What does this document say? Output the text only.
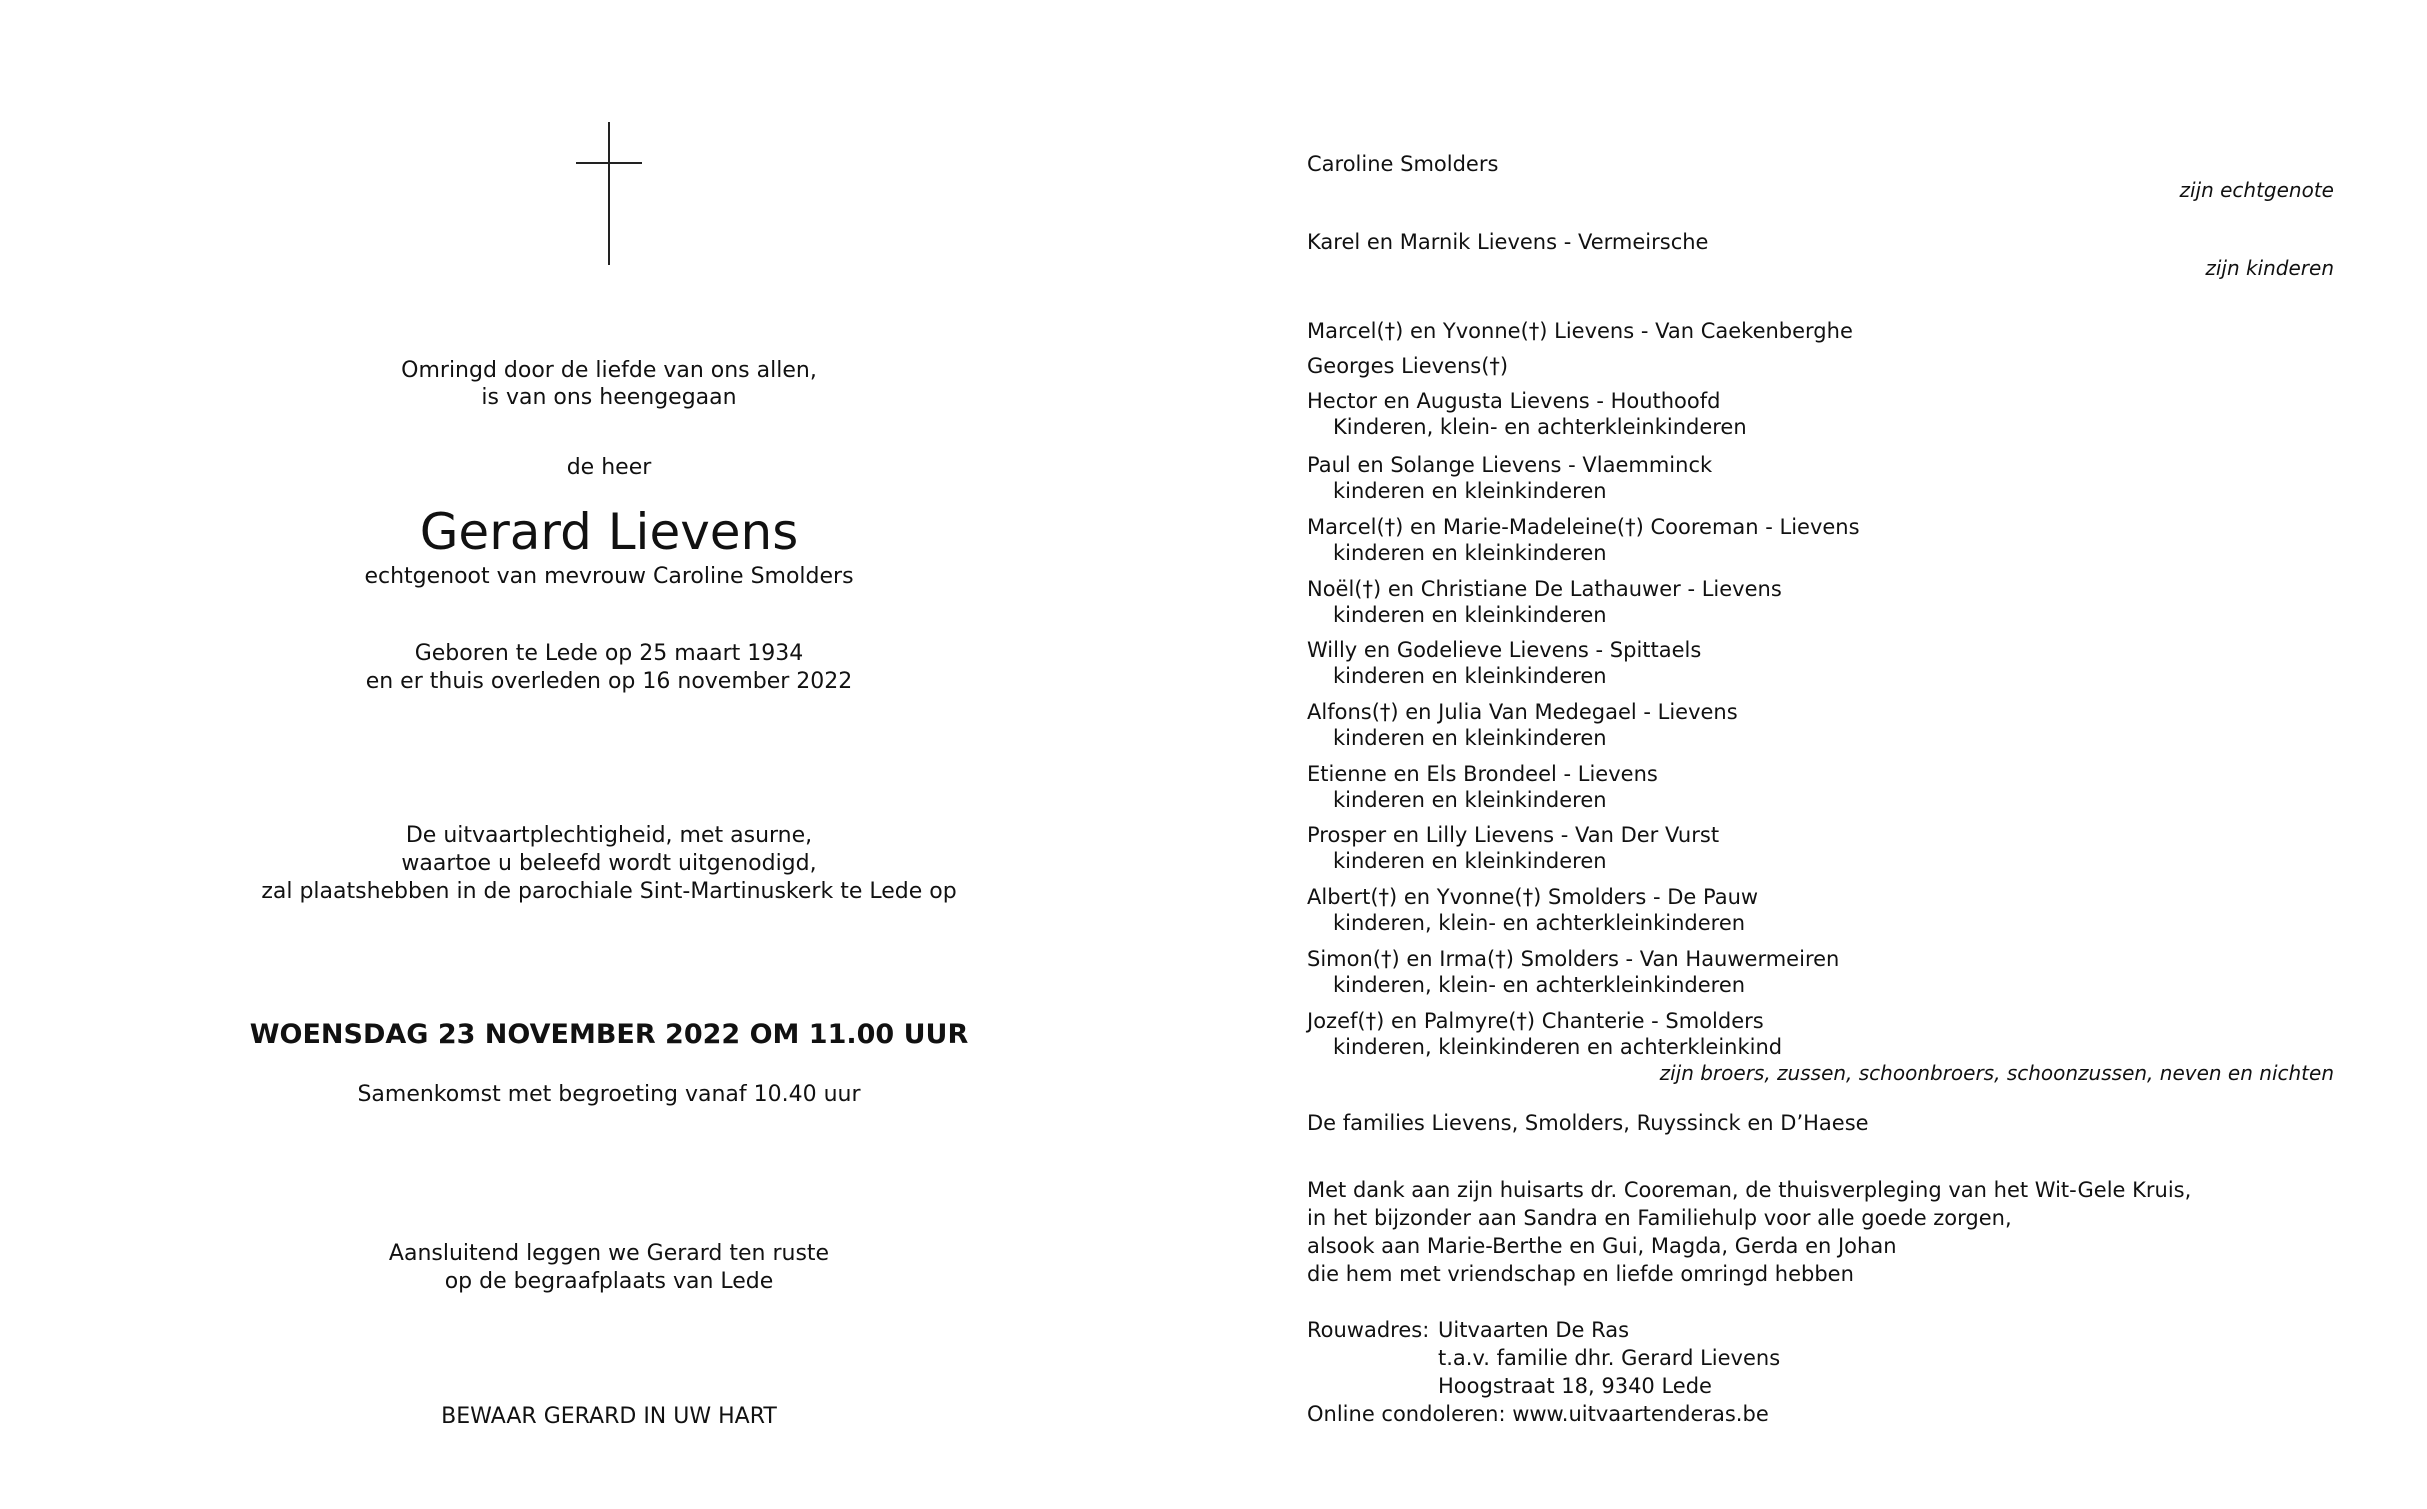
Omringd door de liefde van ons allen,
is van ons heengegaan
de heer
Gerard Lievens
echtgenoot van mevrouw Caroline Smolders
Geboren te Lede op 25 maart 1934
en er thuis overleden op 16 november 2022
De uitvaartplechtigheid, met asurne,
waartoe u beleefd wordt uitgenodigd,
zal plaatshebben in de parochiale Sint-Martinuskerk te Lede op
WOENSDAG 23 NOVEMBER 2022 OM 11.00 UUR
Samenkomst met begroeting vanaf 10.40 uur
Aansluitend leggen we Gerard ten ruste
op de begraafplaats van Lede
BEWAAR GERARD IN UW HART
Caroline Smolders
zijn echtgenote
Karel en Marnik Lievens - Vermeirsche
zijn kinderen
Marcel(†) en Yvonne(†) Lievens - Van Caekenberghe
Georges Lievens(†)
Hector en Augusta Lievens - Houthoofd
Kinderen, klein- en achterkleinkinderen
Paul en Solange Lievens - Vlaemminck
kinderen en kleinkinderen
Marcel(†) en Marie-Madeleine(†) Cooreman - Lievens
kinderen en kleinkinderen
Noël(†) en Christiane De Lathauwer - Lievens
kinderen en kleinkinderen
Willy en Godelieve Lievens - Spittaels
kinderen en kleinkinderen
Alfons(†) en Julia Van Medegael - Lievens
kinderen en kleinkinderen
Etienne en Els Brondeel - Lievens
kinderen en kleinkinderen
Prosper en Lilly Lievens - Van Der Vurst
kinderen en kleinkinderen
Albert(†) en Yvonne(†) Smolders - De Pauw
kinderen, klein- en achterkleinkinderen
Simon(†) en Irma(†) Smolders - Van Hauwermeiren
kinderen, klein- en achterkleinkinderen
Jozef(†) en Palmyre(†) Chanterie - Smolders
kinderen, kleinkinderen en achterkleinkind
zijn broers, zussen, schoonbroers, schoonzussen, neven en nichten
De families Lievens, Smolders, Ruyssinck en D’Haese
Met dank aan zijn huisarts dr. Cooreman, de thuisverpleging van het Wit-Gele Kruis,
in het bijzonder aan Sandra en Familiehulp voor alle goede zorgen,
alsook aan Marie-Berthe en Gui, Magda, Gerda en Johan
die hem met vriendschap en liefde omringd hebben
Rouwadres: Uitvaarten De Ras
t.a.v. familie dhr. Gerard Lievens
Hoogstraat 18, 9340 Lede
Online condoleren: www.uitvaartenderas.be
